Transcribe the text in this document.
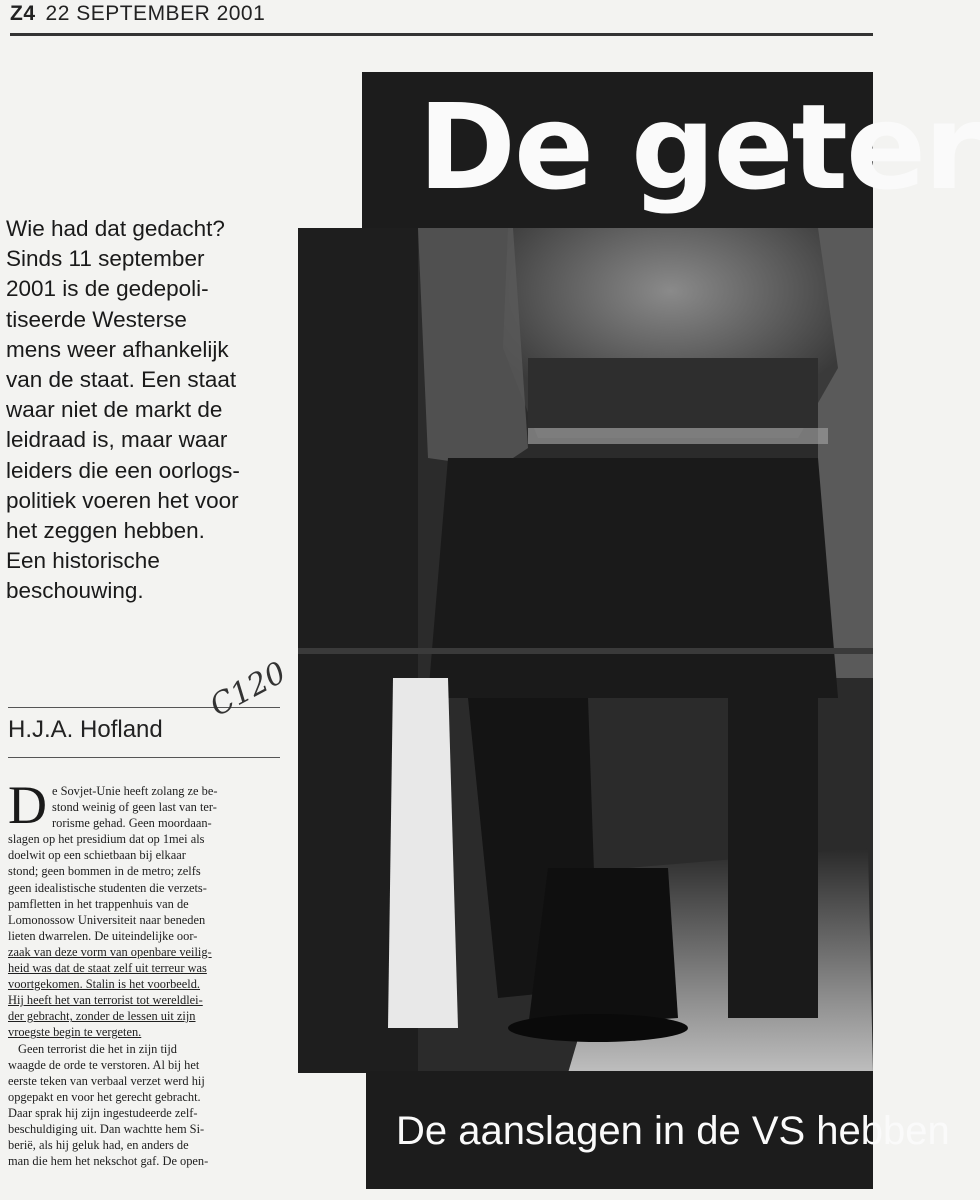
Z4 22 SEPTEMBER 2001
De geter
Wie had dat gedacht?
Sinds 11 september
2001 is de gedepoli-
tiseerde Westerse
mens weer afhankelijk
van de staat. Een staat
waar niet de markt de
leidraad is, maar waar
leiders die een oorlogs-
politiek voeren het voor
het zeggen hebben.
Een historische
beschouwing.
H.J.A. Hofland
C120
D e Sovjet-Unie heeft zolang ze be-
stond weinig of geen last van ter-
rorisme gehad. Geen moordaan-
slagen op het presidium dat op 1mei als
doelwit op een schietbaan bij elkaar
stond; geen bommen in de metro; zelfs
geen idealistische studenten die verzets-
pamfletten in het trappenhuis van de
Lomonossow Universiteit naar beneden
lieten dwarrelen. De uiteindelijke oor-
zaak van deze vorm van openbare veilig-
heid was dat de staat zelf uit terreur was
voortgekomen. Stalin is het voorbeeld.
Hij heeft het van terrorist tot wereldlei-
der gebracht, zonder de lessen uit zijn
vroegste begin te vergeten.
Geen terrorist die het in zijn tijd
waagde de orde te verstoren. Al bij het
eerste teken van verbaal verzet werd hij
opgepakt en voor het gerecht gebracht.
Daar sprak hij zijn ingestudeerde zelf-
beschuldiging uit. Dan wachtte hem Si-
berië, als hij geluk had, en anders de
man die hem het nekschot gaf. De open-
De aanslagen in de VS hebben
